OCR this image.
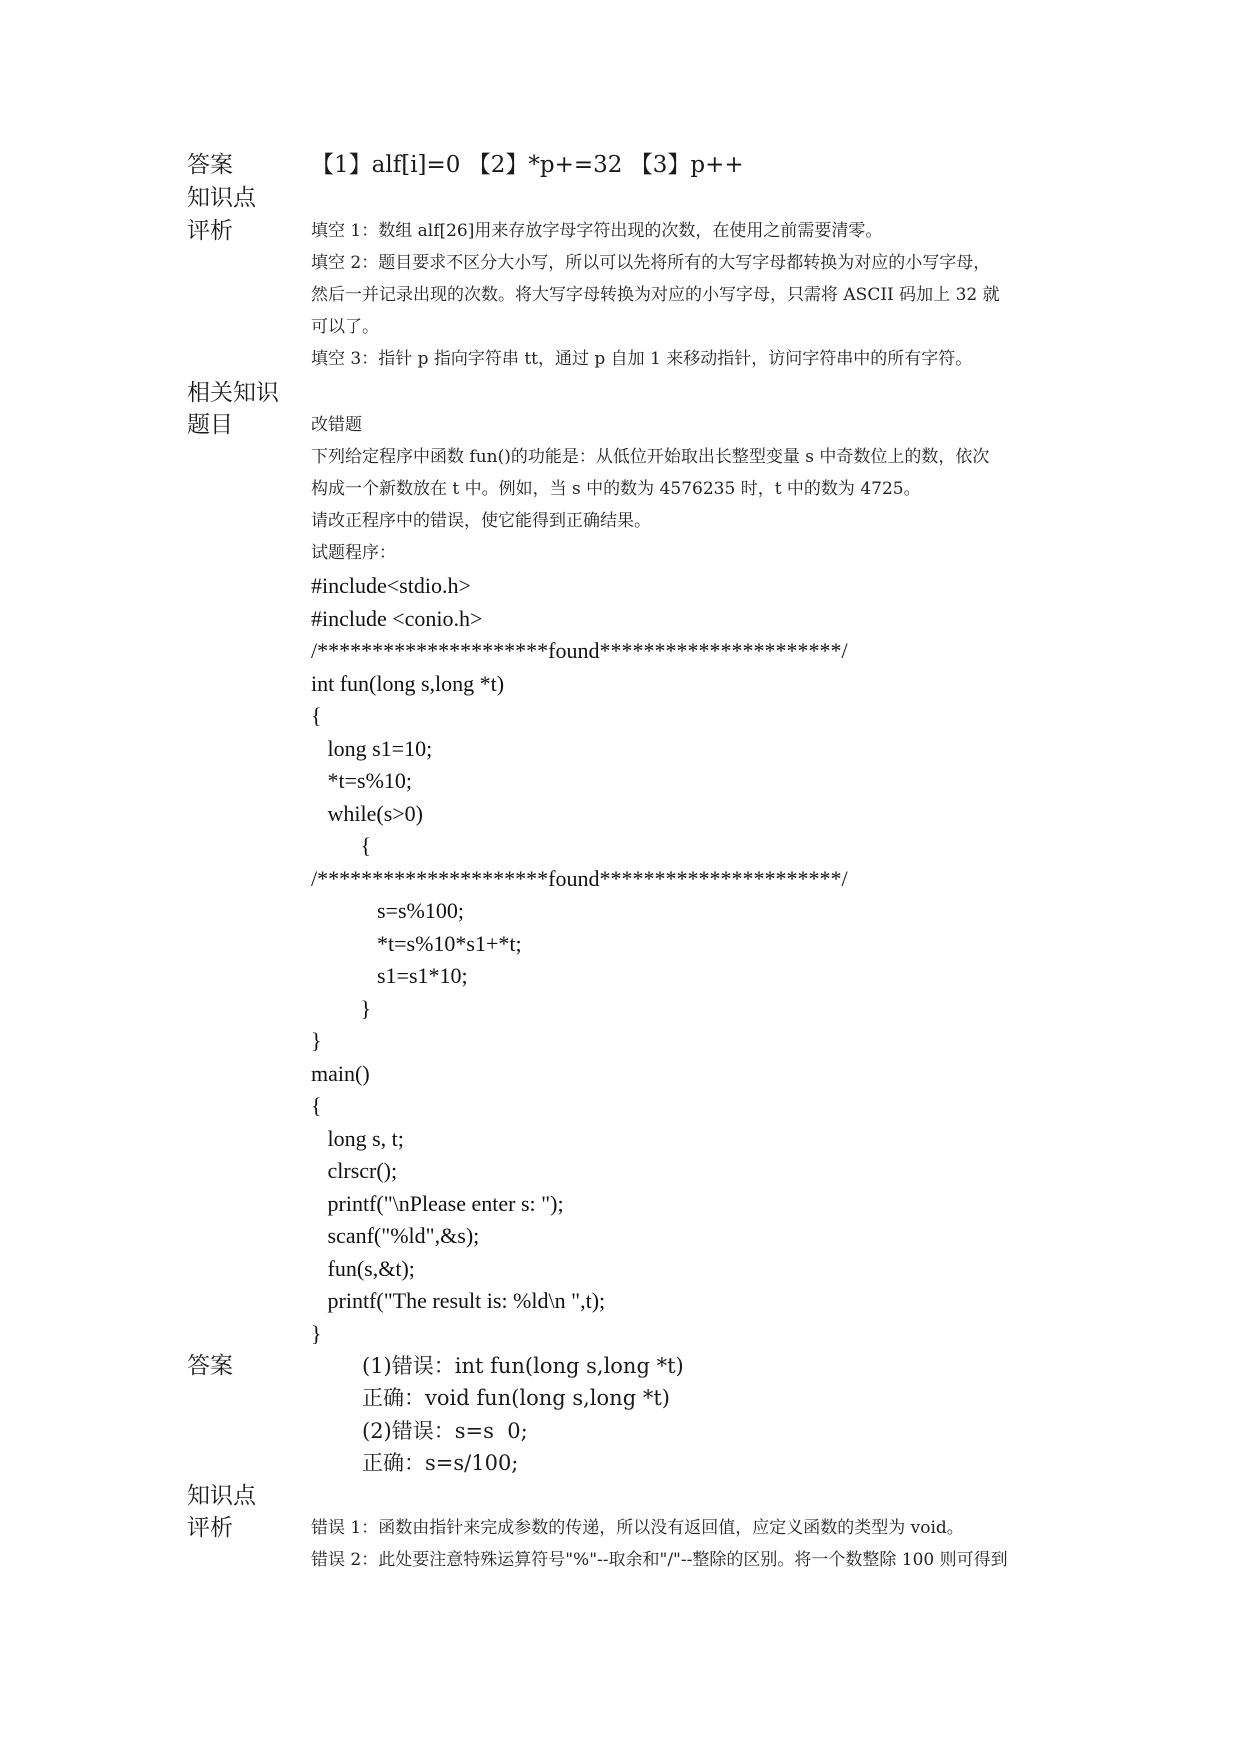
答案	【1】alf[i]=0 【2】*p+=32 【3】p++
知识点
评析	填空 1：数组 alf[26]用来存放字母字符出现的次数，在使用之前需要清零。
填空 2：题目要求不区分大小写，所以可以先将所有的大写字母都转换为对应的小写字母，
然后一并记录出现的次数。将大写字母转换为对应的小写字母，只需将 ASCII 码加上 32 就
可以了。
填空 3：指针 p 指向字符串 tt，通过 p 自加 1 来移动指针，访问字符串中的所有字符。
相关知识
题目	改错题
下列给定程序中函数 fun()的功能是：从低位开始取出长整型变量 s 中奇数位上的数，依次
构成一个新数放在 t 中。例如，当 s 中的数为 4576235 时，t 中的数为 4725。
请改正程序中的错误，使它能得到正确结果。
试题程序：
#include<stdio.h>
#include <conio.h>
/*********************found**********************/
int fun(long s,long *t)
{
long s1=10;
*t=s%10;
while(s>0)
{
/*********************found**********************/
s=s%100;
*t=s%10*s1+*t;
s1=s1*10;
}
}
main()
{
long s, t;
clrscr();
printf("\nPlease enter s: ");
scanf("%ld",&s);
fun(s,&t);
printf("The result is: %ld\n ",t);
}
答案	(1)错误：int fun(long s,long *t)
正确：void fun(long s,long *t)
(2)错误：s=s  0;
正确：s=s/100;
知识点
评析	错误 1：函数由指针来完成参数的传递，所以没有返回值，应定义函数的类型为 void。
错误 2：此处要注意特殊运算符号"%"--取余和"/"--整除的区别。将一个数整除 100 则可得到
